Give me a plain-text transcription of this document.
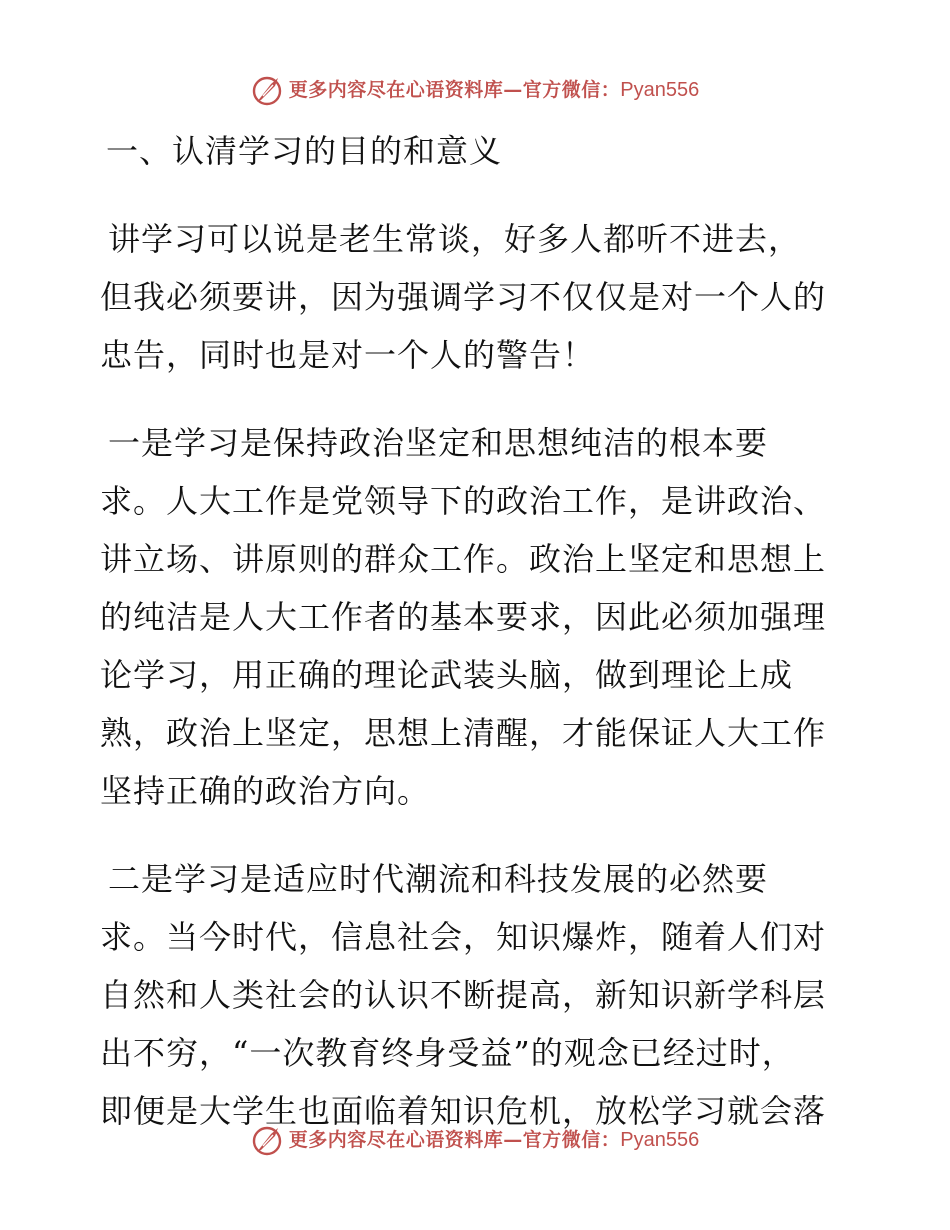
更多内容尽在心语资料库—官方微信： Pyan556
一、认清学习的目的和意义

讲学习可以说是老生常谈，好多人都听不进去，
但我必须要讲，因为强调学习不仅仅是对一个人的
忠告，同时也是对一个人的警告！

一是学习是保持政治坚定和思想纯洁的根本要
求。人大工作是党领导下的政治工作，是讲政治、
讲立场、讲原则的群众工作。政治上坚定和思想上
的纯洁是人大工作者的基本要求，因此必须加强理
论学习，用正确的理论武装头脑，做到理论上成
熟，政治上坚定，思想上清醒，才能保证人大工作
坚持正确的政治方向。

二是学习是适应时代潮流和科技发展的必然要
求。当今时代，信息社会，知识爆炸，随着人们对
自然和人类社会的认识不断提高，新知识新学科层
出不穷，“一次教育终身受益”的观念已经过时，
即便是大学生也面临着知识危机，放松学习就会落

更多内容尽在心语资料库—官方微信： Pyan556
